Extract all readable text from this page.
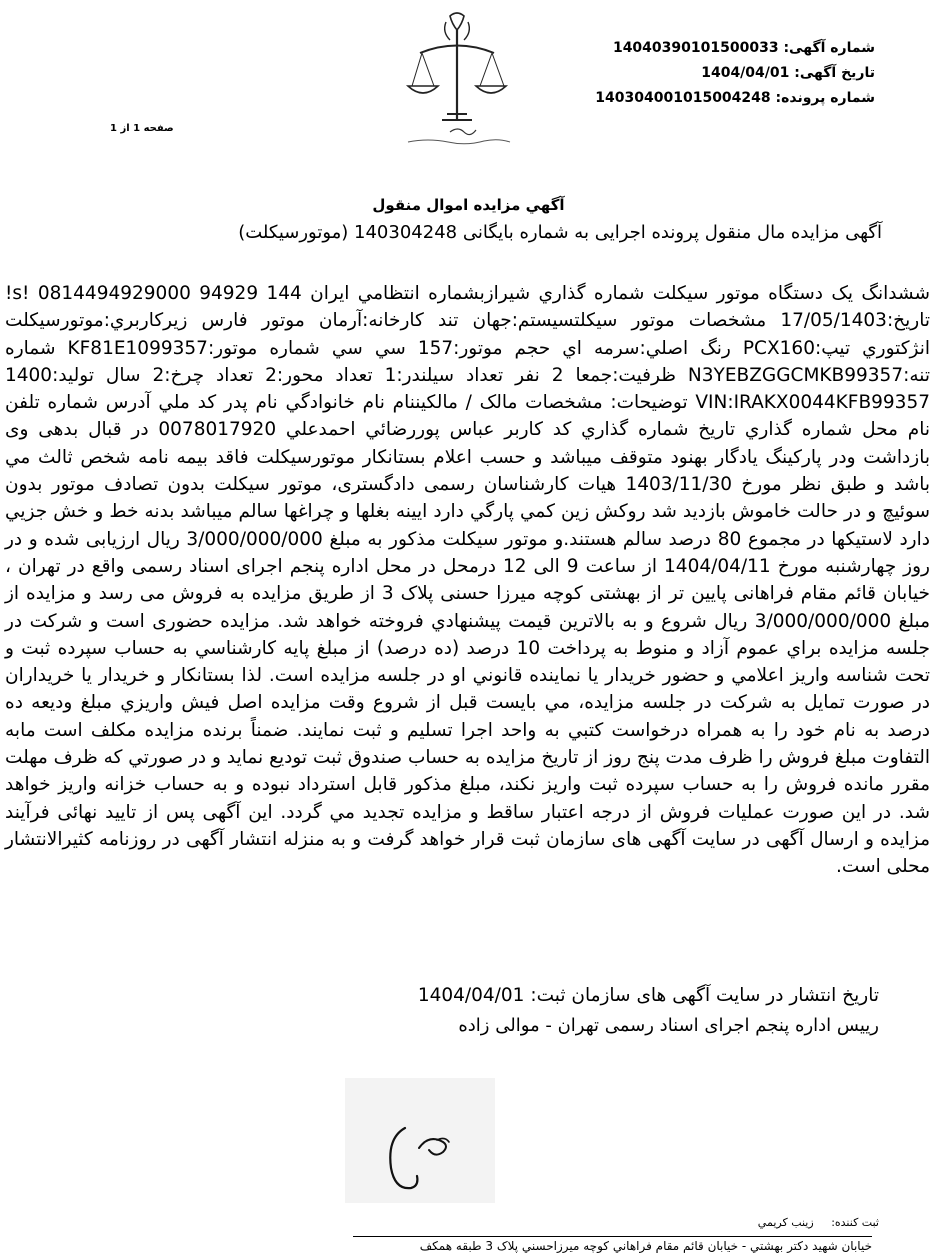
شماره آگهی: 14040390101500033
تاریخ آگهی: 1404/04/01
شماره پرونده: 140304001015004248
صفحه 1 از 1
آگهي مزايده اموال منقول
آگهی مزایده مال منقول پرونده اجرایی به شماره بایگانی 140304248 (موتورسیکلت)
ششدانگ یک دستگاه موتور سیکلت شماره گذاري شيرازبشماره انتظامي ايران 144 94929 s! 0814494929000! تاریخ:17/05/1403 مشخصات موتور سیکلتسیستم:جهان تند کارخانه:آرمان موتور فارس زيركاربري:موتورسيكلت انژكتوري تيپ:PCX160 رنگ اصلي:سرمه اي حجم موتور:157 سي سي شماره موتور:KF81E1099357 شماره تنه:N3YEBZGGCMKB99357 ظرفيت:جمعا 2 نفر تعداد سيلندر:1 تعداد محور:2 تعداد چرخ:2 سال توليد:1400 VIN:IRAKX0044KFB99357 توضيحات: مشخصات مالک / مالکیننام نام خانوادگي نام پدر کد ملي آدرس شماره تلفن نام محل شماره گذاري تاريخ شماره گذاري کد کاربر عباس پوررضائي احمدعلي 0078017920 در قبال بدهی وی بازداشت ودر پارکینگ یادگار بهنود متوقف میباشد و حسب اعلام بستانکار موتورسیکلت فاقد بیمه نامه شخص ثالث مي باشد و طبق نظر مورخ 1403/11/30 هیات کارشناسان رسمی دادگستری، موتور سیکلت بدون تصادف موتور بدون سوئیچ و در حالت خاموش بازدید شد روکش زین کمي پارگي دارد ايينه بغلها و چراغها سالم میباشد بدنه خط و خش جزيي دارد لاستيكها در مجموع 80 درصد سالم هستند.و موتور سیکلت مذکور به مبلغ 3/000/000/000 ریال ارزیابی شده و در روز چهارشنبه مورخ 1404/04/11 از ساعت 9 الی 12 درمحل در محل اداره پنجم اجرای اسناد رسمی واقع در تهران ، خیابان قائم مقام فراهانی پایین تر از بهشتی کوچه میرزا حسنی پلاک 3 از طریق مزایده به فروش می رسد و مزایده از مبلغ 3/000/000/000 ریال شروع و به بالاترين قيمت پيشنهادي فروخته خواهد شد. مزایده حضوری است و شرکت در جلسه مزايده براي عموم آزاد و منوط به پرداخت 10 درصد (ده درصد) از مبلغ پايه كارشناسي به حساب سپرده ثبت و تحت شناسه واريز اعلامي و حضور خريدار يا نماينده قانوني او در جلسه مزايده است. لذا بستانكار و خريدار يا خريداران در صورت تمايل به شركت در جلسه مزايده، مي بايست قبل از شروع وقت مزايده اصل فيش واريزي مبلغ وديعه ده درصد به نام خود را به همراه درخواست كتبي به واحد اجرا تسليم و ثبت نمايند. ضمناً برنده مزايده مكلف است مابه التفاوت مبلغ فروش را ظرف مدت پنج روز از تاريخ مزايده به حساب صندوق ثبت توديع نمايد و در صورتي كه ظرف مهلت مقرر مانده فروش را به حساب سپرده ثبت واريز نكند، مبلغ مذكور قابل استرداد نبوده و به حساب خزانه واريز خواهد شد. در اين صورت عمليات فروش از درجه اعتبار ساقط و مزايده تجديد مي گردد. این آگهی پس از تایید نهائی فرآیند مزایده و ارسال آگهی در سایت آگهی های سازمان ثبت قرار خواهد گرفت و به منزله انتشار آگهی در روزنامه کثیرالانتشار محلی است.
تاریخ انتشار در سایت آگهی های سازمان ثبت: 1404/04/01
رییس اداره پنجم اجرای اسناد رسمی تهران - موالی زاده
ثبت کننده: زينب كريمي
خيابان شهيد دكتر بهشتي - خيابان قائم مقام فراهاني كوچه ميرزاحسني پلاک 3 طبقه همكف
